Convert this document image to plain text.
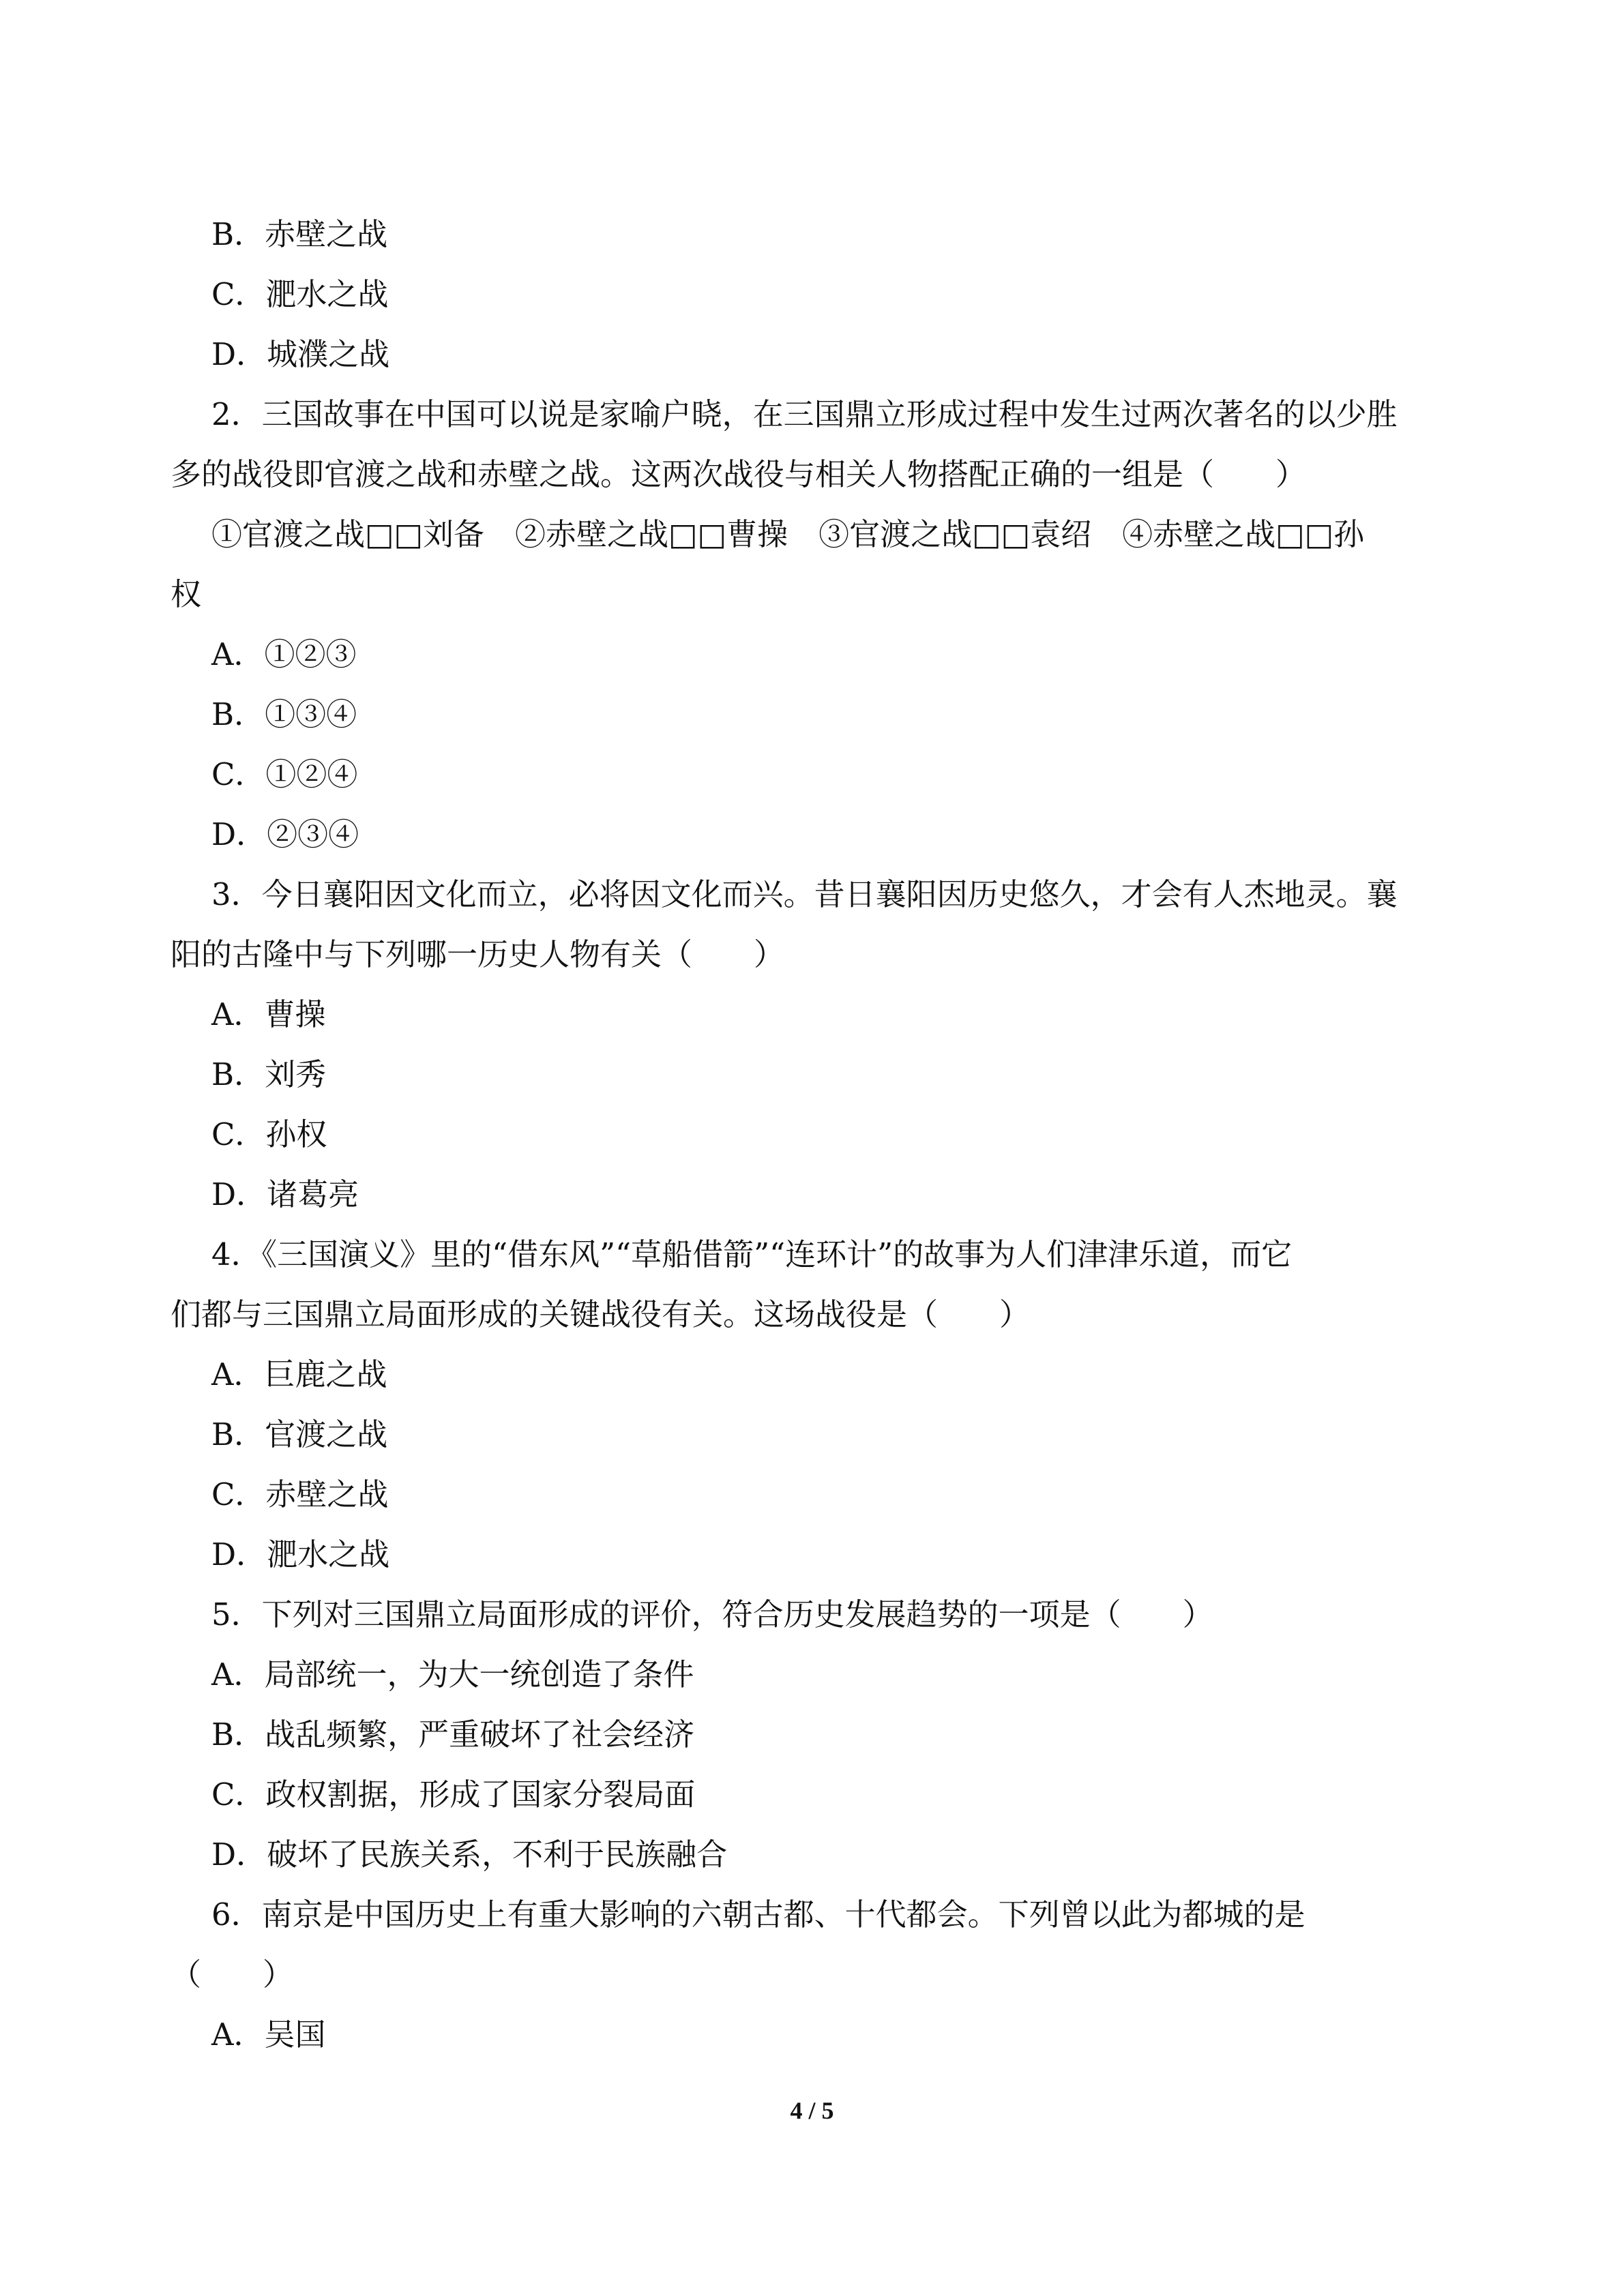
B．赤壁之战

C．淝水之战

D．城濮之战

2．三国故事在中国可以说是家喻户晓，在三国鼎立形成过程中发生过两次著名的以少胜

多的战役即官渡之战和赤壁之战。这两次战役与相关人物搭配正确的一组是（　　）

①官渡之战□□刘备　②赤壁之战□□曹操　③官渡之战□□袁绍　④赤壁之战□□孙

权

A．①②③

B．①③④

C．①②④

D．②③④

3．今日襄阳因文化而立，必将因文化而兴。昔日襄阳因历史悠久，才会有人杰地灵。襄

阳的古隆中与下列哪一历史人物有关（　　）

A．曹操

B．刘秀

C．孙权

D．诸葛亮

4．《三国演义》里的“借东风”“草船借箭”“连环计”的故事为人们津津乐道，而它

们都与三国鼎立局面形成的关键战役有关。这场战役是（　　）

A．巨鹿之战

B．官渡之战

C．赤壁之战

D．淝水之战

5．下列对三国鼎立局面形成的评价，符合历史发展趋势的一项是（　　）

A．局部统一，为大一统创造了条件

B．战乱频繁，严重破坏了社会经济

C．政权割据，形成了国家分裂局面

D．破坏了民族关系，不利于民族融合

6．南京是中国历史上有重大影响的六朝古都、十代都会。下列曾以此为都城的是

（　　）

A．吴国

4 / 5
